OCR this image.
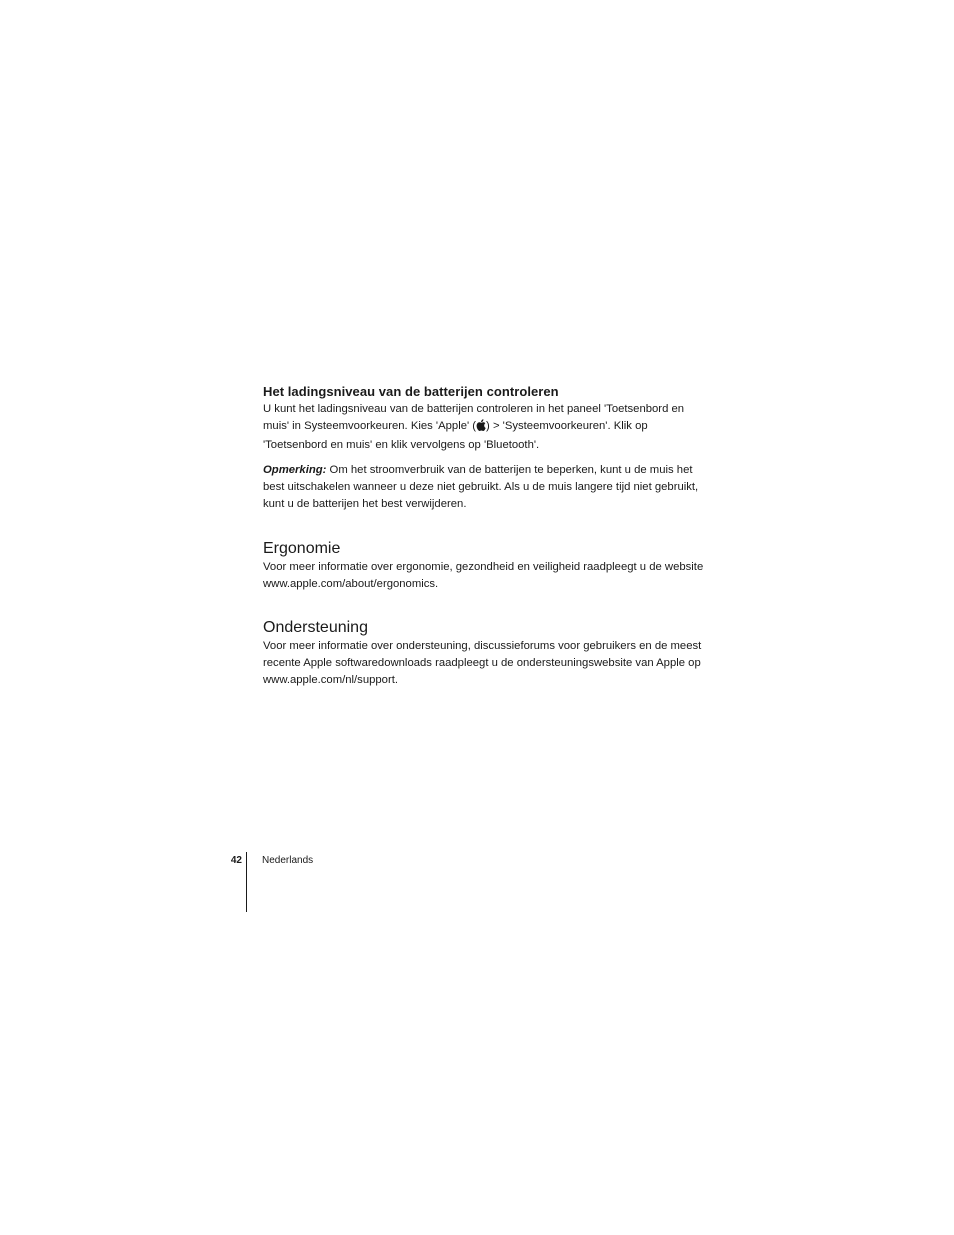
Het ladingsniveau van de batterijen controleren

U kunt het ladingsniveau van de batterijen controleren in het paneel 'Toetsenbord en muis' in Systeemvoorkeuren. Kies 'Apple' ( ) > 'Systeemvoorkeuren'. Klik op 'Toetsenbord en muis' en klik vervolgens op 'Bluetooth'.

Opmerking: Om het stroomverbruik van de batterijen te beperken, kunt u de muis het best uitschakelen wanneer u deze niet gebruikt. Als u de muis langere tijd niet gebruikt, kunt u de batterijen het best verwijderen.

Ergonomie

Voor meer informatie over ergonomie, gezondheid en veiligheid raadpleegt u de website www.apple.com/about/ergonomics.

Ondersteuning

Voor meer informatie over ondersteuning, discussieforums voor gebruikers en de meest recente Apple softwaredownloads raadpleegt u de ondersteuningswebsite van Apple op www.apple.com/nl/support.

42 Nederlands
